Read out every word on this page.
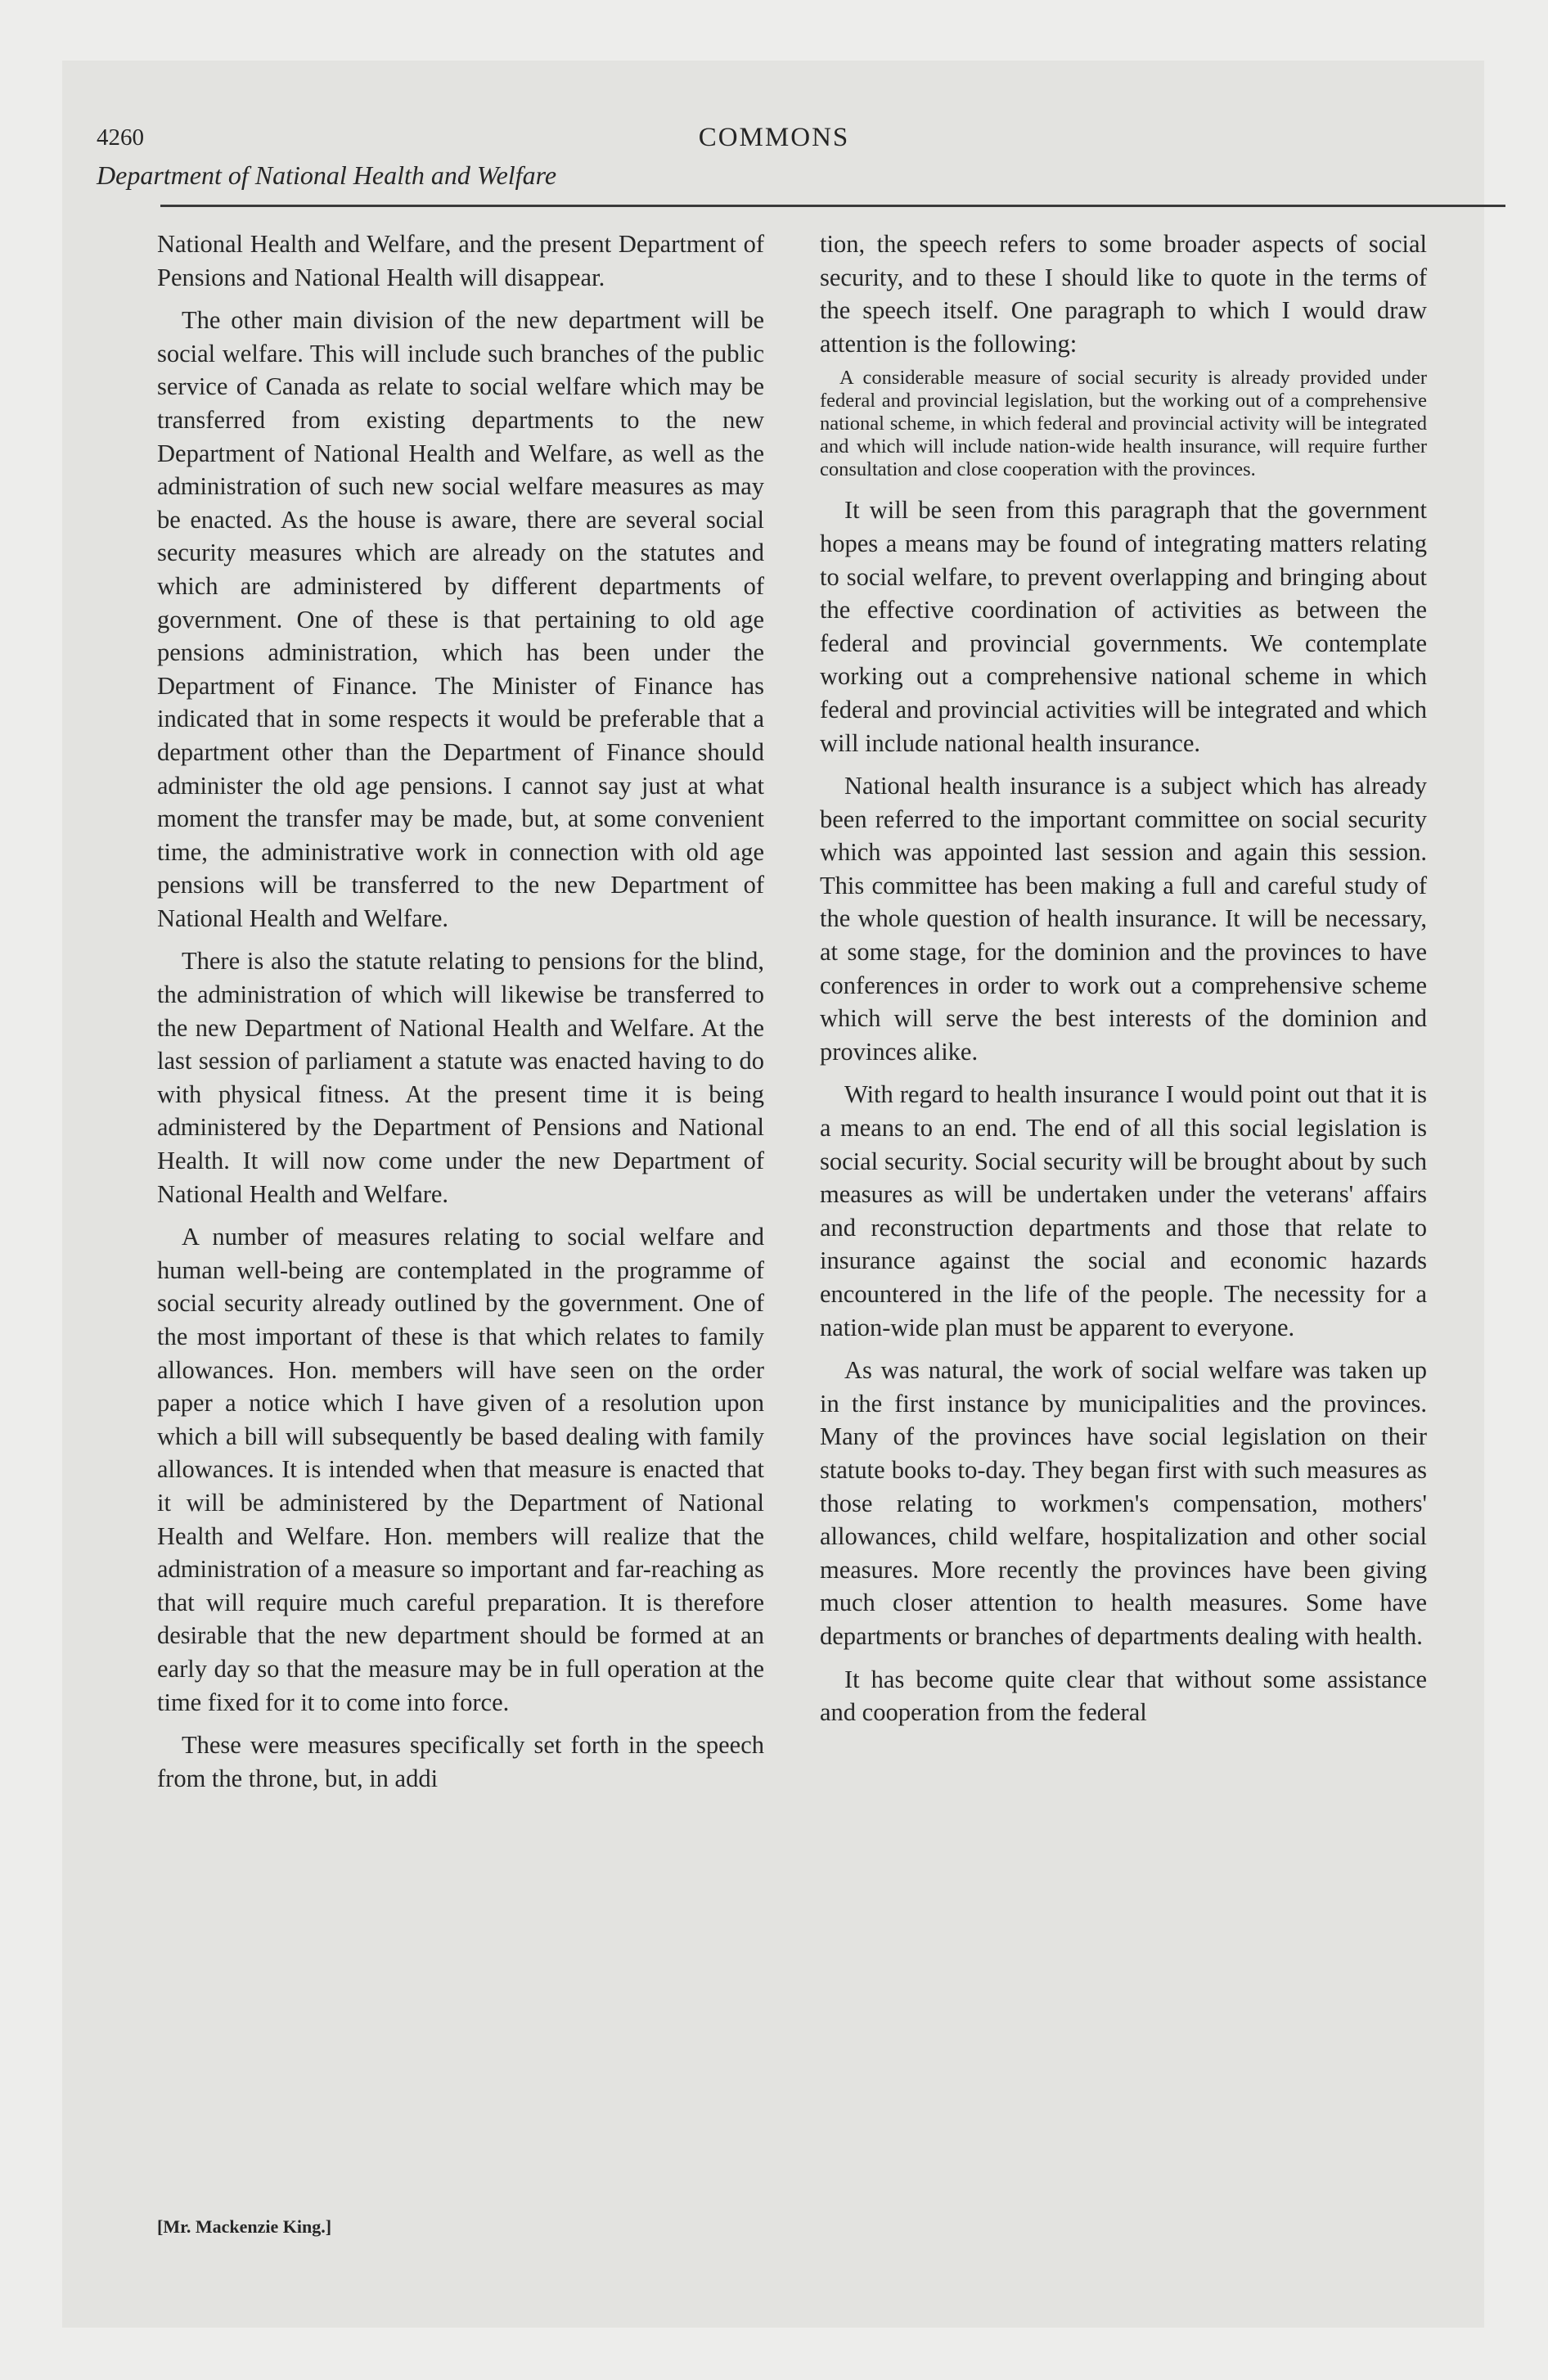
4260	COMMONS
Department of National Health and Welfare

National Health and Welfare, and the present Department of Pensions and National Health will disappear.

The other main division of the new department will be social welfare. This will include such branches of the public service of Canada as relate to social welfare which may be transferred from existing departments to the new Department of National Health and Welfare, as well as the administration of such new social welfare measures as may be enacted. As the house is aware, there are several social security measures which are already on the statutes and which are administered by different departments of government. One of these is that pertaining to old age pensions administration, which has been under the Department of Finance. The Minister of Finance has indicated that in some respects it would be preferable that a department other than the Department of Finance should administer the old age pensions. I cannot say just at what moment the transfer may be made, but, at some convenient time, the administrative work in connection with old age pensions will be transferred to the new Department of National Health and Welfare.

There is also the statute relating to pensions for the blind, the administration of which will likewise be transferred to the new Department of National Health and Welfare. At the last session of parliament a statute was enacted having to do with physical fitness. At the present time it is being administered by the Department of Pensions and National Health. It will now come under the new Department of National Health and Welfare.

A number of measures relating to social welfare and human well-being are contemplated in the programme of social security already outlined by the government. One of the most important of these is that which relates to family allowances. Hon. members will have seen on the order paper a notice which I have given of a resolution upon which a bill will subsequently be based dealing with family allowances. It is intended when that measure is enacted that it will be administered by the Department of National Health and Welfare. Hon. members will realize that the administration of a measure so important and far-reaching as that will require much careful preparation. It is therefore desirable that the new department should be formed at an early day so that the measure may be in full operation at the time fixed for it to come into force.

These were measures specifically set forth in the speech from the throne, but, in addi

tion, the speech refers to some broader aspects of social security, and to these I should like to quote in the terms of the speech itself. One paragraph to which I would draw attention is the following:

A considerable measure of social security is already provided under federal and provincial legislation, but the working out of a comprehensive national scheme, in which federal and provincial activity will be integrated and which will include nation-wide health insurance, will require further consultation and close cooperation with the provinces.

It will be seen from this paragraph that the government hopes a means may be found of integrating matters relating to social welfare, to prevent overlapping and bringing about the effective coordination of activities as between the federal and provincial governments. We contemplate working out a comprehensive national scheme in which federal and provincial activities will be integrated and which will include national health insurance.

National health insurance is a subject which has already been referred to the important committee on social security which was appointed last session and again this session. This committee has been making a full and careful study of the whole question of health insurance. It will be necessary, at some stage, for the dominion and the provinces to have conferences in order to work out a comprehensive scheme which will serve the best interests of the dominion and provinces alike.

With regard to health insurance I would point out that it is a means to an end. The end of all this social legislation is social security. Social security will be brought about by such measures as will be undertaken under the veterans' affairs and reconstruction departments and those that relate to insurance against the social and economic hazards encountered in the life of the people. The necessity for a nation-wide plan must be apparent to everyone.

As was natural, the work of social welfare was taken up in the first instance by municipalities and the provinces. Many of the provinces have social legislation on their statute books to-day. They began first with such measures as those relating to workmen's compensation, mothers' allowances, child welfare, hospitalization and other social measures. More recently the provinces have been giving much closer attention to health measures. Some have departments or branches of departments dealing with health.

It has become quite clear that without some assistance and cooperation from the federal

[Mr. Mackenzie King.]
